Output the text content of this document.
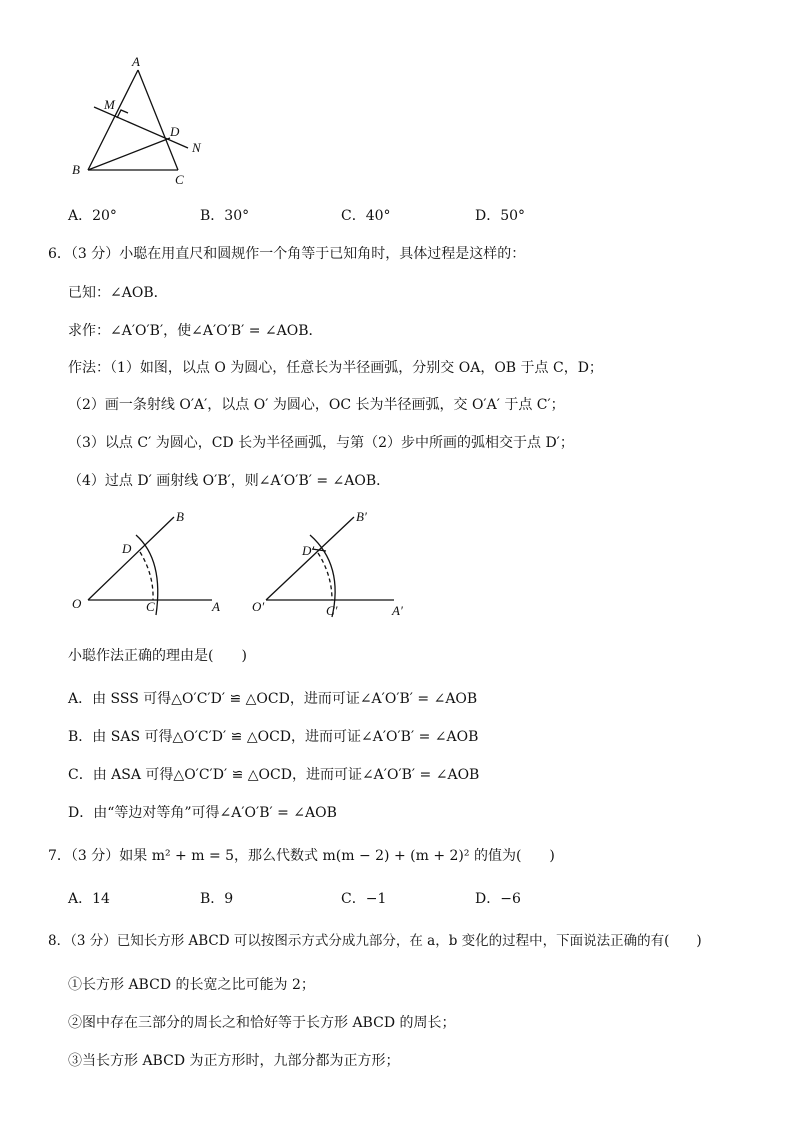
A
M
D
N
B
C
A．20°	B．30°	C．40°	D．50°
6．（3 分）小聪在用直尺和圆规作一个角等于已知角时，具体过程是这样的：
已知：∠AOB．
求作：∠A′O′B′，使∠A′O′B′ = ∠AOB．
作法：（1）如图，以点 O 为圆心，任意长为半径画弧，分别交 OA，OB 于点 C，D；
（2）画一条射线 O′A′，以点 O′ 为圆心，OC 长为半径画弧，交 O′A′ 于点 C′；
（3）以点 C′ 为圆心，CD 长为半径画弧，与第（2）步中所画的弧相交于点 D′；
（4）过点 D′ 画射线 O′B′，则∠A′O′B′ = ∠AOB．
B
D
O	C	A
B′
D′
O′	C′	A′
小聪作法正确的理由是(　　)
A．由 SSS 可得△O′C′D′ ≌ △OCD，进而可证∠A′O′B′ = ∠AOB
B．由 SAS 可得△O′C′D′ ≌ △OCD，进而可证∠A′O′B′ = ∠AOB
C．由 ASA 可得△O′C′D′ ≌ △OCD，进而可证∠A′O′B′ = ∠AOB
D．由“等边对等角”可得∠A′O′B′ = ∠AOB
7．（3 分）如果 m² + m = 5，那么代数式 m(m − 2) + (m + 2)² 的值为(　　)
A．14	B．9	C．−1	D．−6
8．（3 分）已知长方形 ABCD 可以按图示方式分成九部分，在 a，b 变化的过程中，下面说法正确的有(　　)
①长方形 ABCD 的长宽之比可能为 2；
②图中存在三部分的周长之和恰好等于长方形 ABCD 的周长；
③当长方形 ABCD 为正方形时，九部分都为正方形；
